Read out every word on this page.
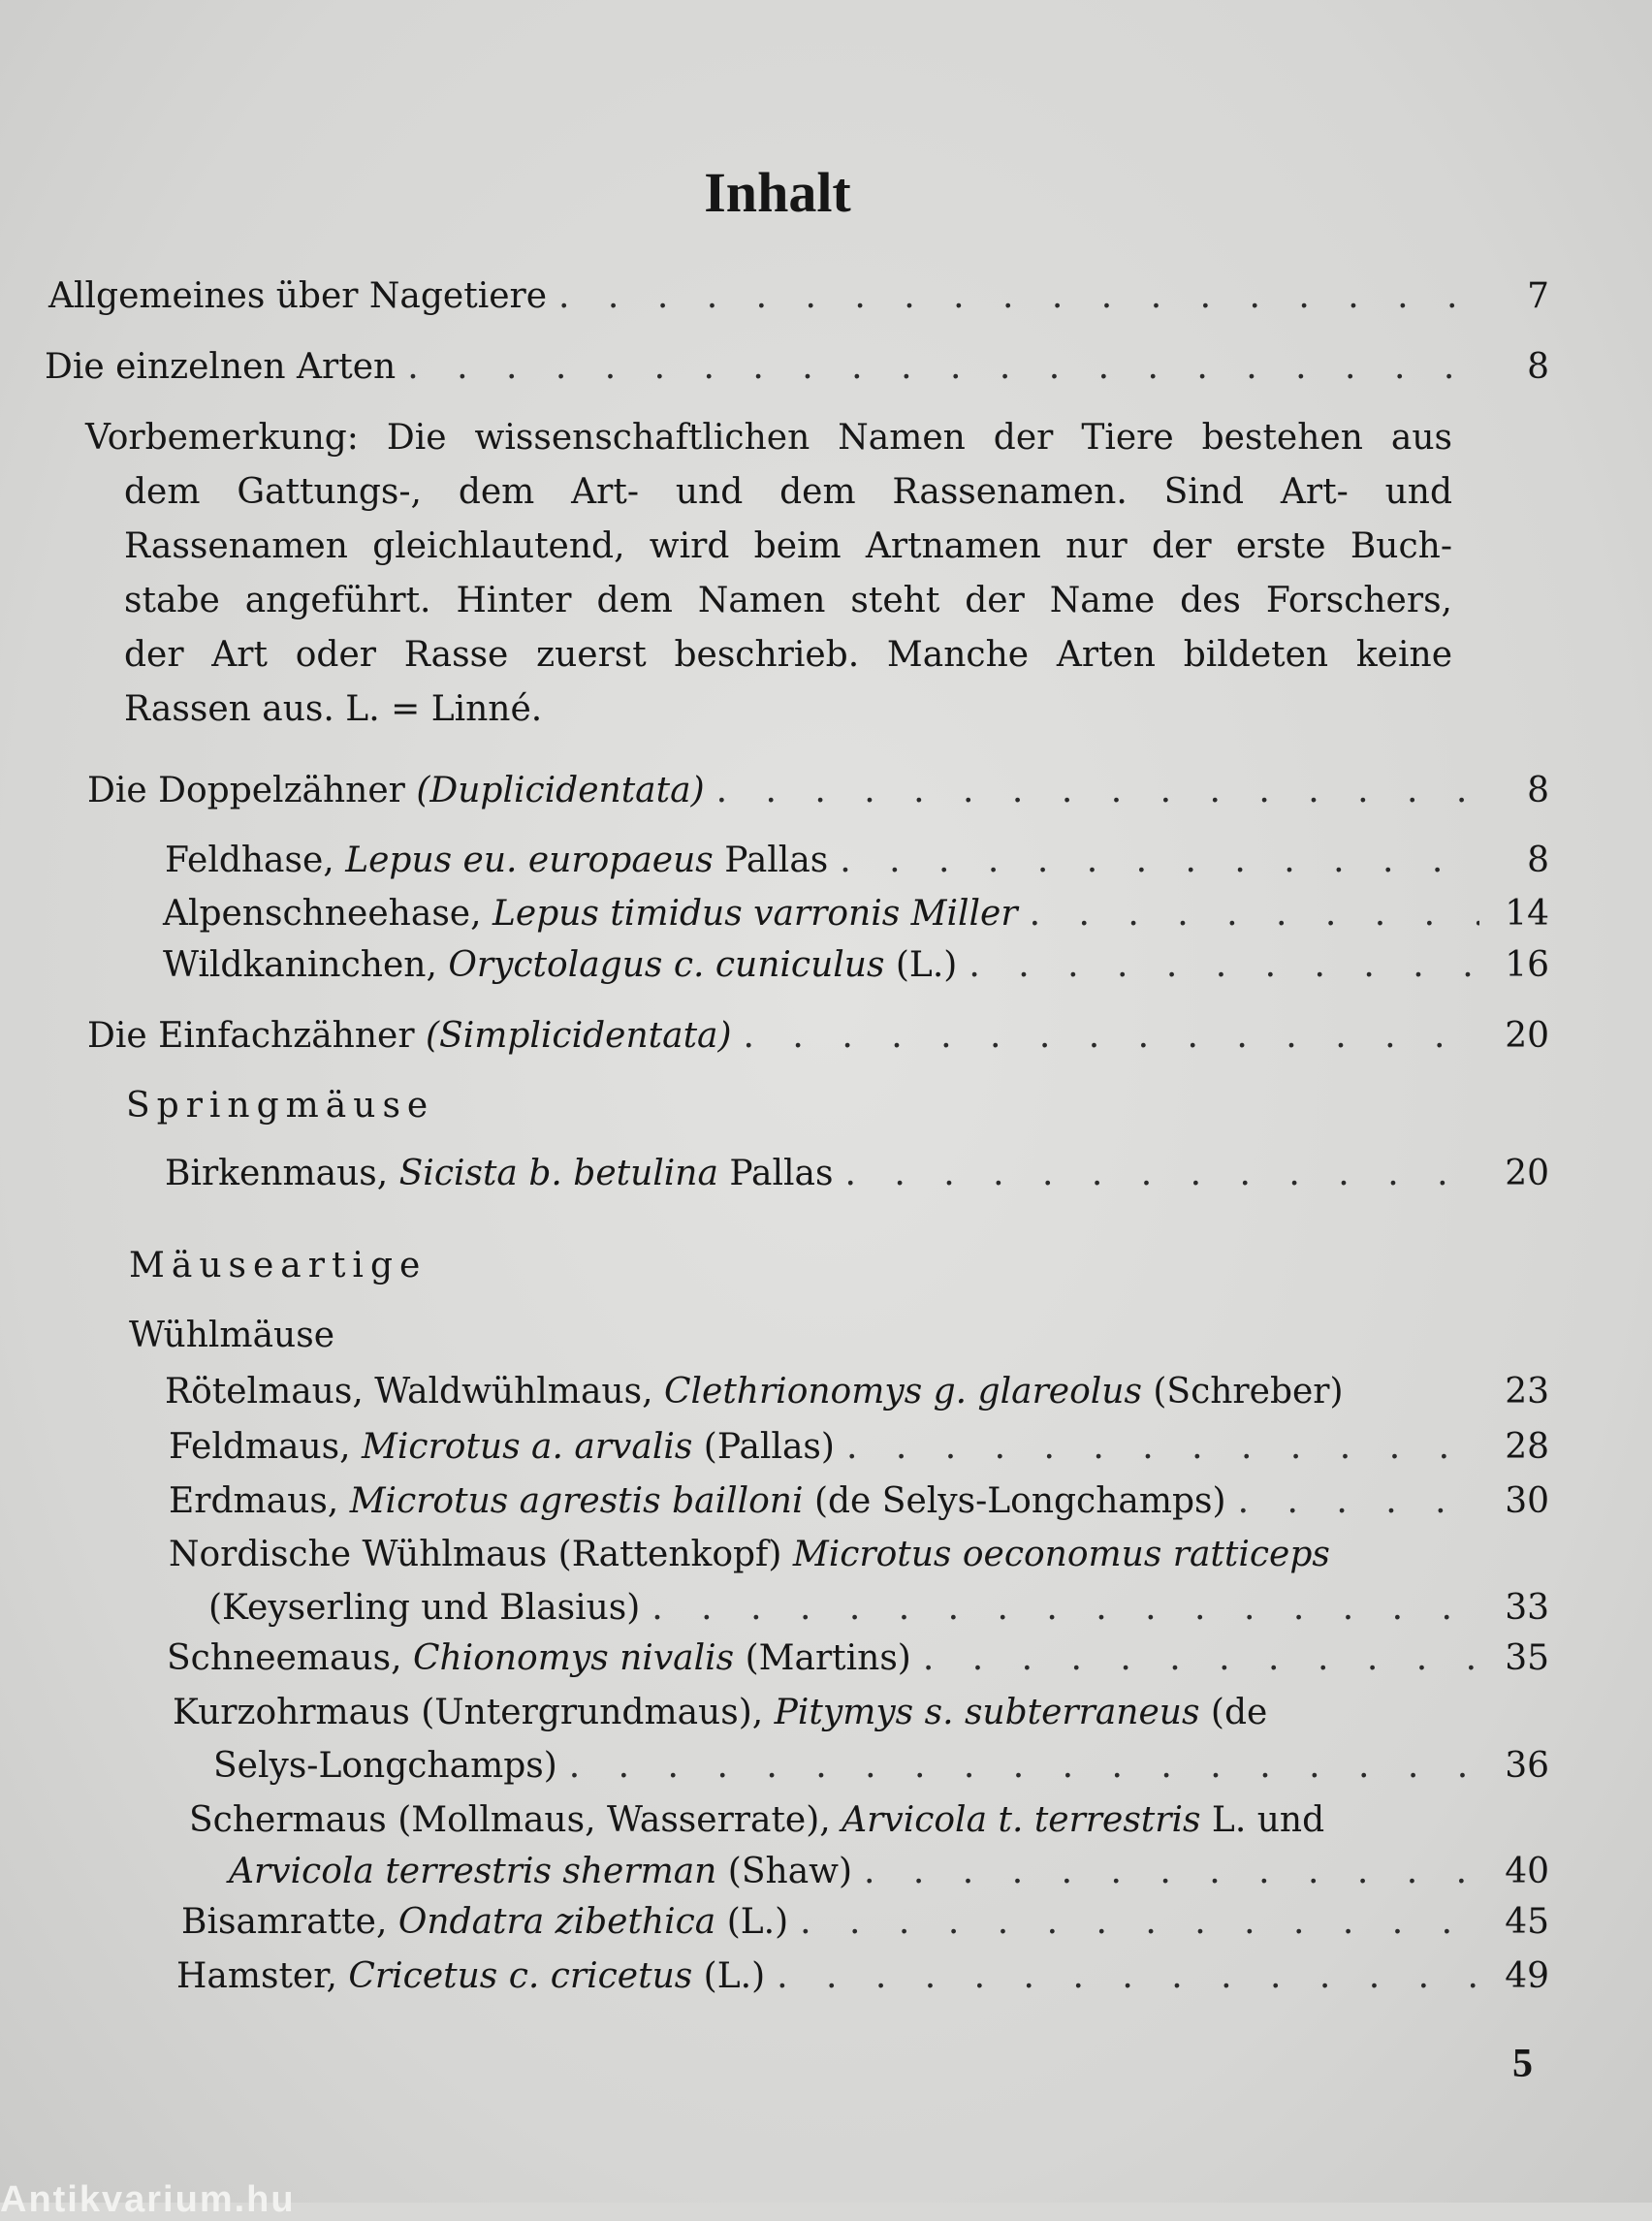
Inhalt
Allgemeines über Nagetiere . . .	7
Die einzelnen Arten . . .	8
Vorbemerkung: Die wissenschaftlichen Namen der Tiere bestehen aus
dem Gattungs-, dem Art- und dem Rassenamen. Sind Art- und
Rassenamen gleichlautend, wird beim Artnamen nur der erste Buch-
stabe angeführt. Hinter dem Namen steht der Name des Forschers,
der Art oder Rasse zuerst beschrieb. Manche Arten bildeten keine
Rassen aus. L. = Linné.
Die Doppelzähner (Duplicidentata) . . .	8
Feldhase, Lepus eu. europaeus Pallas . . .	8
Alpenschneehase, Lepus timidus varronis Miller . . .	14
Wildkaninchen, Oryctolagus c. cuniculus (L.) . . .	16
Die Einfachzähner (Simplicidentata) . . .	20
Springmäuse
Birkenmaus, Sicista b. betulina Pallas . . .	20
Mäuseartige
Wühlmäuse
Rötelmaus, Waldwühlmaus, Clethrionomys g. glareolus (Schreber)	23
Feldmaus, Microtus a. arvalis (Pallas) . . .	28
Erdmaus, Microtus agrestis bailloni (de Selys-Longchamps) . . .	30
Nordische Wühlmaus (Rattenkopf) Microtus oeconomus ratticeps
(Keyserling und Blasius) . . .	33
Schneemaus, Chionomys nivalis (Martins) . . .	35
Kurzohrmaus (Untergrundmaus), Pitymys s. subterraneus (de
Selys-Longchamps) . . .	36
Schermaus (Mollmaus, Wasserrate), Arvicola t. terrestris L. und
Arvicola terrestris sherman (Shaw) . . .	40
Bisamratte, Ondatra zibethica (L.) . . .	45
Hamster, Cricetus c. cricetus (L.) . . .	49
5
Antikvarium.hu
